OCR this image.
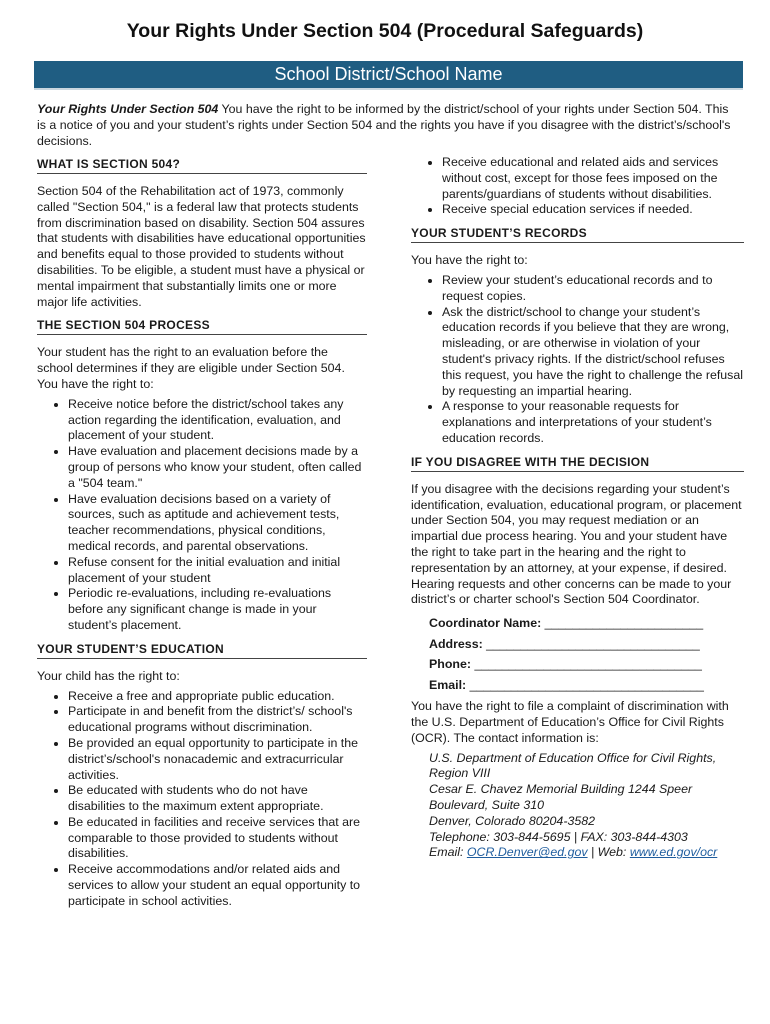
Your Rights Under Section 504 (Procedural Safeguards)
School District/School Name
Your Rights Under Section 504 You have the right to be informed by the district/school of your rights under Section 504. This is a notice of you and your student’s rights under Section 504 and the rights you have if you disagree with the district’s/school's decisions.
WHAT IS SECTION 504?

Section 504 of the Rehabilitation act of 1973, commonly called "Section 504," is a federal law that protects students from discrimination based on disability. Section 504 assures that students with disabilities have educational opportunities and benefits equal to those provided to students without disabilities. To be eligible, a student must have a physical or mental impairment that substantially limits one or more major life activities.

THE SECTION 504 PROCESS

Your student has the right to an evaluation before the school determines if they are eligible under Section 504. You have the right to:

• Receive notice before the district/school takes any action regarding the identification, evaluation, and placement of your student.
• Have evaluation and placement decisions made by a group of persons who know your student, often called a "504 team."
• Have evaluation decisions based on a variety of sources, such as aptitude and achievement tests, teacher recommendations, physical conditions, medical records, and parental observations.
• Refuse consent for the initial evaluation and initial placement of your student
• Periodic re-evaluations, including re-evaluations before any significant change is made in your student’s placement.
YOUR STUDENT’S EDUCATION

Your child has the right to:

• Receive a free and appropriate public education.
• Participate in and benefit from the district’s/ school's educational programs without discrimination.
• Be provided an equal opportunity to participate in the district’s/school's nonacademic and extracurricular activities.
• Be educated with students who do not have disabilities to the maximum extent appropriate.
• Be educated in facilities and receive services that are comparable to those provided to students without disabilities.
• Receive accommodations and/or related aids and services to allow your student an equal opportunity to participate in school activities.
• Receive educational and related aids and services without cost, except for those fees imposed on the parents/guardians of students without disabilities.
• Receive special education services if needed.
YOUR STUDENT’S RECORDS

You have the right to:

• Review your student’s educational records and to request copies.
• Ask the district/school to change your student’s education records if you believe that they are wrong, misleading, or are otherwise in violation of your student's privacy rights. If the district/school refuses this request, you have the right to challenge the refusal by requesting an impartial hearing.
• A response to your reasonable requests for explanations and interpretations of your student’s education records.
IF YOU DISAGREE WITH THE DECISION

If you disagree with the decisions regarding your student’s identification, evaluation, educational program, or placement under Section 504, you may request mediation or an impartial due process hearing. You and your student have the right to take part in the hearing and the right to representation by an attorney, at your expense, if desired. Hearing requests and other concerns can be made to your district’s or charter school's Section 504 Coordinator.

Coordinator Name: _______________________
Address: _______________________________
Phone: _________________________________
Email: __________________________________

You have the right to file a complaint of discrimination with the U.S. Department of Education’s Office for Civil Rights (OCR). The contact information is:

U.S. Department of Education Office for Civil Rights, Region VIII
Cesar E. Chavez Memorial Building 1244 Speer Boulevard, Suite 310
Denver, Colorado 80204-3582
Telephone: 303-844-5695 | FAX: 303-844-4303
Email: OCR.Denver@ed.gov | Web: www.ed.gov/ocr
